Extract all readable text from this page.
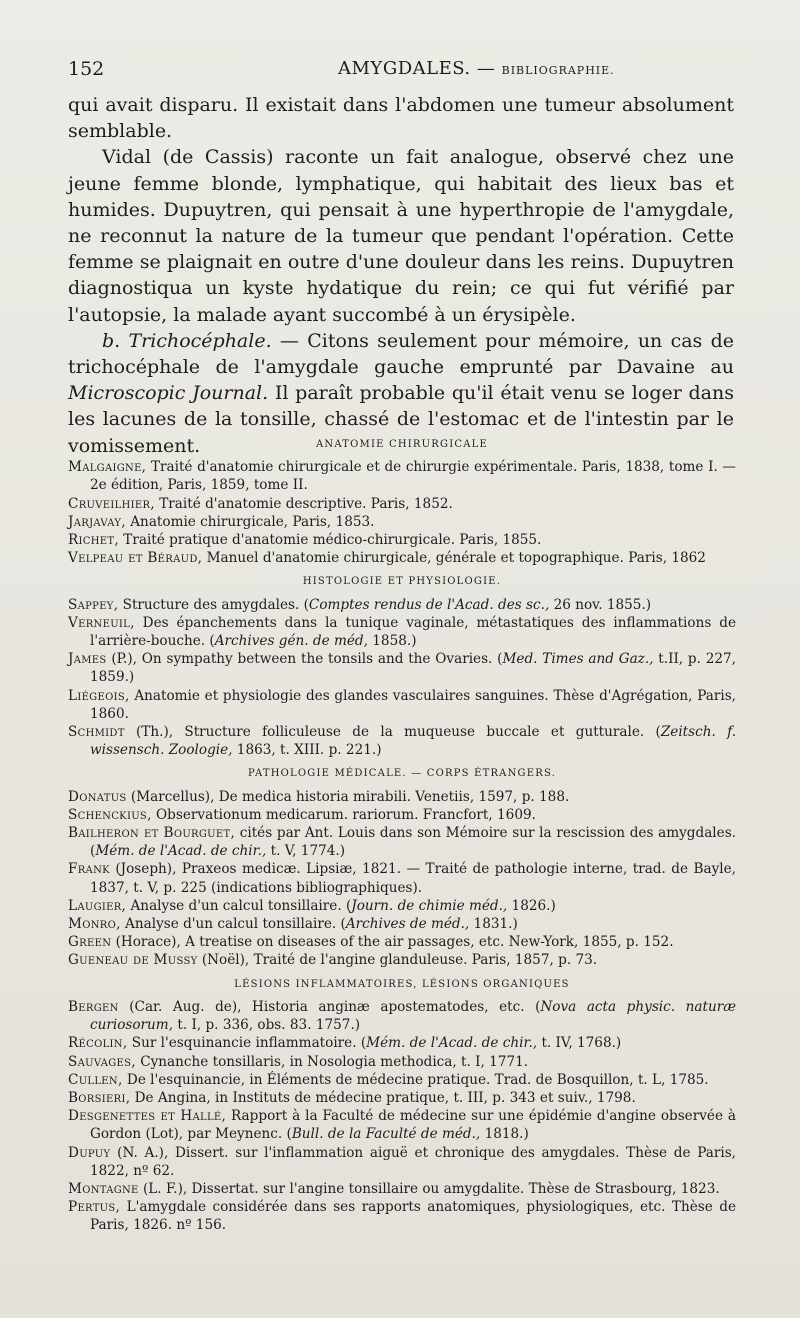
152	AMYGDALES. — BIBLIOGRAPHIE.

qui avait disparu. Il existait dans l'abdomen une tumeur absolument semblable.

Vidal (de Cassis) raconte un fait analogue, observé chez une jeune femme blonde, lymphatique, qui habitait des lieux bas et humides. Dupuytren, qui pensait à une hyperthropie de l'amygdale, ne reconnut la nature de la tumeur que pendant l'opération. Cette femme se plaignait en outre d'une douleur dans les reins. Dupuytren diagnostiqua un kyste hydatique du rein; ce qui fut vérifié par l'autopsie, la malade ayant succombé à un érysipèle.

b. Trichocéphale. — Citons seulement pour mémoire, un cas de trichocéphale de l'amygdale gauche emprunté par Davaine au Microscopic Journal. Il paraît probable qu'il était venu se loger dans les lacunes de la tonsille, chassé de l'estomac et de l'intestin par le vomissement.	ANATOMIE CHIRURGICALE

Malgaigne, Traité d'anatomie chirurgicale et de chirurgie expérimentale. Paris, 1838, tome I. — 2e édition, Paris, 1859, tome II.

Cruveilhier, Traité d'anatomie descriptive. Paris, 1852.

Jarjavay, Anatomie chirurgicale, Paris, 1853.

Richet, Traité pratique d'anatomie médico-chirurgicale. Paris, 1855.

Velpeau et Béraud, Manuel d'anatomie chirurgicale, générale et topographique. Paris, 1862

HISTOLOGIE ET PHYSIOLOGIE.

Sappey, Structure des amygdales. (Comptes rendus de l'Acad. des sc., 26 nov. 1855.)

Verneuil, Des épanchements dans la tunique vaginale, métastatiques des inflammations de l'arrière-bouche. (Archives gén. de méd, 1858.)

James (P.), On sympathy between the tonsils and the Ovaries. (Med. Times and Gaz., t.II, p. 227, 1859.)

Liégeois, Anatomie et physiologie des glandes vasculaires sanguines. Thèse d'Agrégation, Paris, 1860.

Schmidt (Th.), Structure folliculeuse de la muqueuse buccale et gutturale. (Zeitsch. f. wissensch. Zoologie, 1863, t. XIII. p. 221.)

PATHOLOGIE MÉDICALE. — CORPS ÉTRANGERS.

Donatus (Marcellus), De medica historia mirabili. Venetiis, 1597, p. 188.

Schenckius, Observationum medicarum. rariorum. Francfort, 1609.

Bailheron et Bourguet, cités par Ant. Louis dans son Mémoire sur la rescission des amygdales. (Mém. de l'Acad. de chir., t. V, 1774.)

Frank (Joseph), Praxeos medicæ. Lipsiæ, 1821. — Traité de pathologie interne, trad. de Bayle, 1837, t. V, p. 225 (indications bibliographiques).

Laugier, Analyse d'un calcul tonsillaire. (Journ. de chimie méd., 1826.)

Monro, Analyse d'un calcul tonsillaire. (Archives de méd., 1831.)

Green (Horace), A treatise on diseases of the air passages, etc. New-York, 1855, p. 152.

Gueneau de Mussy (Noël), Traité de l'angine glanduleuse. Paris, 1857, p. 73.

LÉSIONS INFLAMMATOIRES, LÉSIONS ORGANIQUES

Bergen (Car. Aug. de), Historia anginæ apostematodes, etc. (Nova acta physic. naturæ curiosorum, t. I, p. 336, obs. 83. 1757.)

Récolin, Sur l'esquinancie inflammatoire. (Mém. de l'Acad. de chir., t. IV, 1768.)

Sauvages, Cynanche tonsillaris, in Nosologia methodica, t. I, 1771.

Cullen, De l'esquinancie, in Éléments de médecine pratique. Trad. de Bosquillon, t. L, 1785.

Borsieri, De Angina, in Instituts de médecine pratique, t. III, p. 343 et suiv., 1798.

Desgenettes et Hallé, Rapport à la Faculté de médecine sur une épidémie d'angine observée à Gordon (Lot), par Meynenc. (Bull. de la Faculté de méd., 1818.)

Dupuy (N. A.), Dissert. sur l'inflammation aiguë et chronique des amygdales. Thèse de Paris, 1822, nº 62.

Montagne (L. F.), Dissertat. sur l'angine tonsillaire ou amygdalite. Thèse de Strasbourg, 1823.

Pertus, L'amygdale considérée dans ses rapports anatomiques, physiologiques, etc. Thèse de Paris, 1826. nº 156.
